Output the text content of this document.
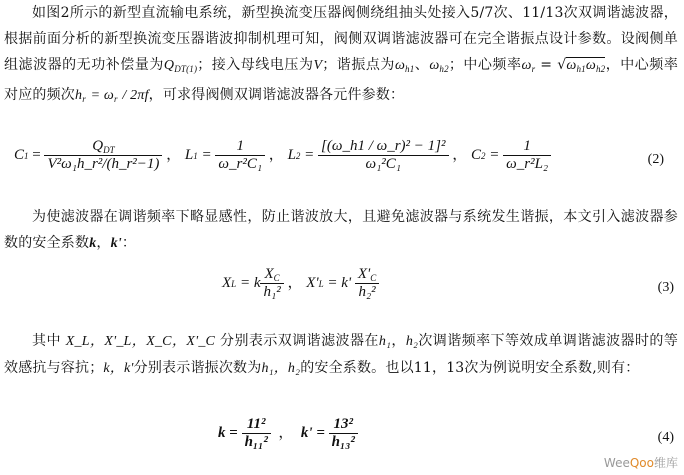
如图2所示的新型直流输电系统，新型换流变压器阀侧绕组抽头处接入5/7次、11/13次双调谐滤波器，根据前面分析的新型换流变压器谐波抑制机理可知，阀侧双调谐滤波器可在完全谐振点设计参数。设阀侧单组滤波器的无功补偿量为$Q_{DT(1)}$；接入母线电压为V；谐振点为$\omega_{h1}$、$\omega_{h2}$；中心频率$\omega_r = √\omega_{h1}\omega_{h2}$，中心频率对应的频次$h_r = \omega_r / 2\pi f$，可求得阀侧双调谐滤波器各元件参数：
C 1
=
$\frac{Q_{DT}}{\text{V²ω₁h\_r²/(h\_r²−1)}}$ ， L $1 = \frac{1}{\text{ω\_r²C₁}}$ ， L $2 = \frac{\text{[(ω\_h1 / ω\_r)² − 1]²}}{\text{ω₁²C₁}}$ ， C $2 = \frac{1}{\text{ω\_r²L₂}}$	(2)
为使滤波器在调谐频率下略显感性，防止谐波放大，且避免滤波器与系统发生谐振，本文引入滤波器参数的安全系数k，k'：
X L = k $\frac{X_C}{\text{h₁²}}$ ， X' L = k'
$\frac{X'_C}{\text{h₂²}}$	(3)
其中 X_L，X'_L，X_C，X'_C 分别表示双调谐滤波器在h₁，h₂次调谐频率下等效成单调谐滤波器时的等效感抗与容抗；k，k'分别表示谐振次数为h₁，h₂的安全系数。也以11，13次为例说明安全系数,则有：
k
=
$\frac{\text{11²}}{\text{h₁₁²}}$ ， $k' = \frac{\text{13²}}{\text{h₁₃²}}$	(4)
WeeQoo维库
